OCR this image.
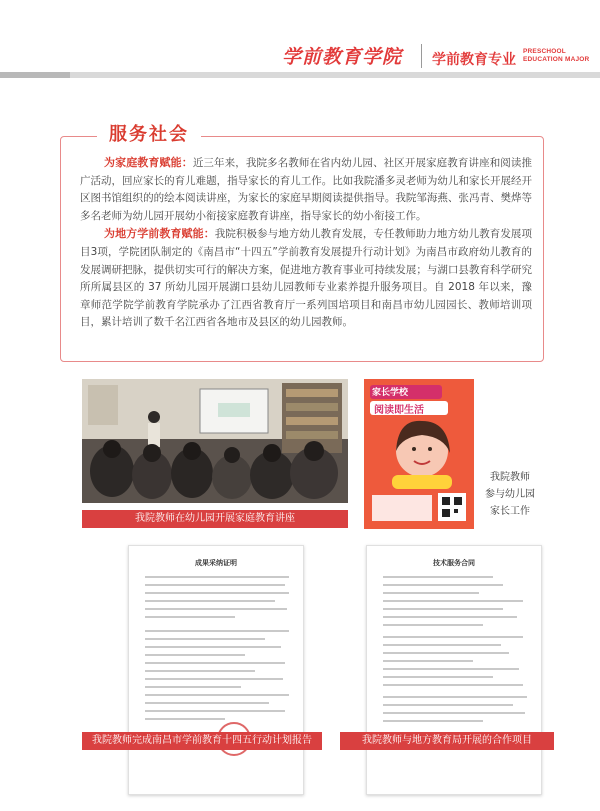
学前教育学院 学前教育专业
PRESCHOOL
EDUCATION MAJOR
服务社会

为家庭教育赋能：近三年来，我院多名教师在省内幼儿园、社区开展家庭教育讲座和阅读推广活动，回应家长的育儿难题，指导家长的育儿工作。比如我院潘多灵老师为幼儿和家长开展经开区图书馆组织的的绘本阅读讲座，为家长的家庭早期阅读提供指导。我院邹海燕、张冯青、樊烨等多名老师为幼儿园开展幼小衔接家庭教育讲座，指导家长的幼小衔接工作。

为地方学前教育赋能：我院积极参与地方幼儿教育发展，专任教师助力地方幼儿教育发展项目3项，学院团队制定的《南昌市“十四五”学前教育发展提升行动计划》为南昌市政府幼儿教育的发展调研把脉，提供切实可行的解决方案，促进地方教育事业可持续发展；与湖口县教育科学研究所所属县区的 37 所幼儿园开展湖口县幼儿园教师专业素养提升服务项目。自 2018 年以来，豫章师范学院学前教育学院承办了江西省教育厅一系列国培项目和南昌市幼儿园园长、教师培训项目，累计培训了数千名江西省各地市及县区的幼儿园教师。

我院教师在幼儿园开展家庭教育讲座
家长学校
阅读即生活
我院教师
参与幼儿园
家长工作
成果采纳证明
我院教师完成南昌市学前教育十四五行动计划报告
技术服务合同
我院教师与地方教育局开展的合作项目
